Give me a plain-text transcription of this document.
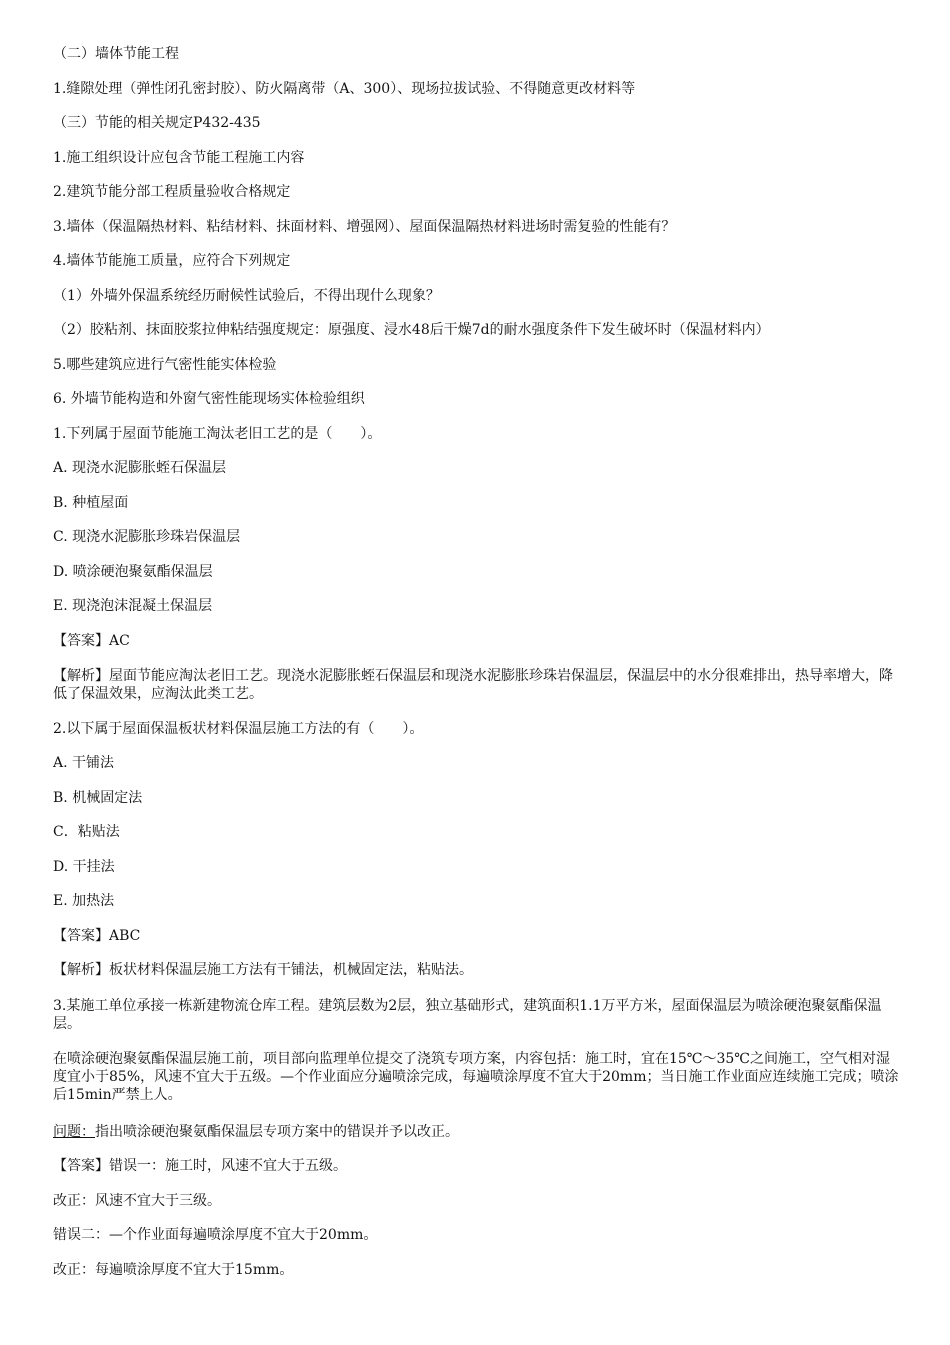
（二）墙体节能工程
1.缝隙处理（弹性闭孔密封胶）、防火隔离带（A、300）、现场拉拔试验、不得随意更改材料等
（三）节能的相关规定P432-435
1.施工组织设计应包含节能工程施工内容
2.建筑节能分部工程质量验收合格规定
3.墙体（保温隔热材料、粘结材料、抹面材料、增强网）、屋面保温隔热材料进场时需复验的性能有？
4.墙体节能施工质量，应符合下列规定
（1）外墙外保温系统经历耐候性试验后，不得出现什么现象？
（2）胶粘剂、抹面胶浆拉伸粘结强度规定：原强度、浸水48后干燥7d的耐水强度条件下发生破坏时（保温材料内）
5.哪些建筑应进行气密性能实体检验
6. 外墙节能构造和外窗气密性能现场实体检验组织
1.下列属于屋面节能施工淘汰老旧工艺的是（　　）。
A. 现浇水泥膨胀蛭石保温层
B. 种植屋面
C. 现浇水泥膨胀珍珠岩保温层
D. 喷涂硬泡聚氨酯保温层
E. 现浇泡沫混凝土保温层
【答案】AC
【解析】屋面节能应淘汰老旧工艺。现浇水泥膨胀蛭石保温层和现浇水泥膨胀珍珠岩保温层，保温层中的水分很难排出，热导率增大，降低了保温效果，应淘汰此类工艺。
2.以下属于屋面保温板状材料保温层施工方法的有（　　）。
A. 干铺法
B. 机械固定法
C．粘贴法
D. 干挂法
E. 加热法
【答案】ABC
【解析】板状材料保温层施工方法有干铺法，机械固定法，粘贴法。
3.某施工单位承接一栋新建物流仓库工程。建筑层数为2层，独立基础形式，建筑面积1.1万平方米，屋面保温层为喷涂硬泡聚氨酯保温层。
在喷涂硬泡聚氨酯保温层施工前，项目部向监理单位提交了浇筑专项方案，内容包括：施工时，宜在15℃～35℃之间施工，空气相对湿度宜小于85%，风速不宜大于五级。—个作业面应分遍喷涂完成，每遍喷涂厚度不宜大于20mm；当日施工作业面应连续施工完成；喷涂后15min严禁上人。
问题：指出喷涂硬泡聚氨酯保温层专项方案中的错误并予以改正。
【答案】错误一：施工时，风速不宜大于五级。
改正：风速不宜大于三级。
错误二：—个作业面每遍喷涂厚度不宜大于20mm。
改正：每遍喷涂厚度不宜大于15mm。
